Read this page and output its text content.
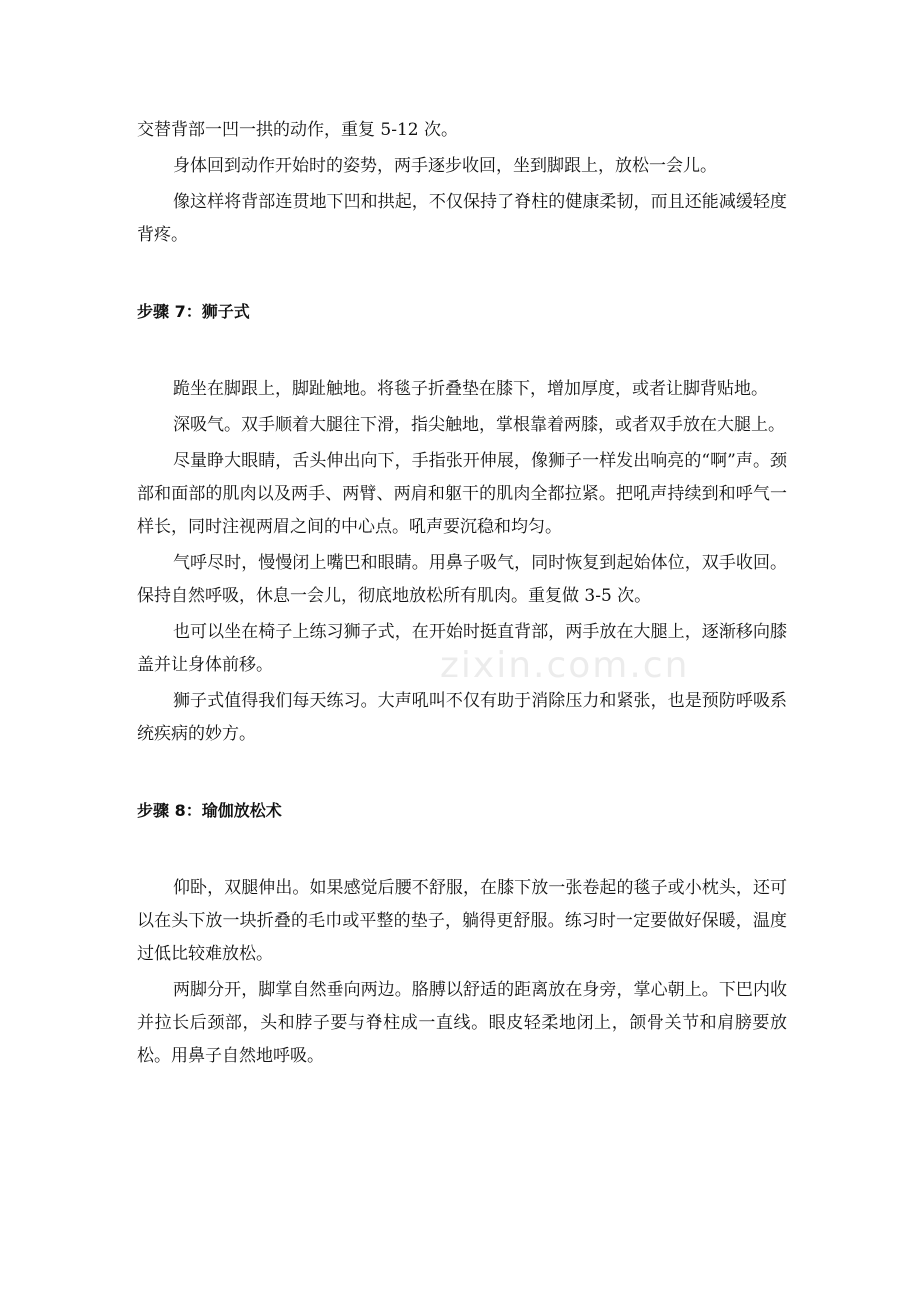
交替背部一凹一拱的动作，重复 5-12 次。

身体回到动作开始时的姿势，两手逐步收回，坐到脚跟上，放松一会儿。

像这样将背部连贯地下凹和拱起，不仅保持了脊柱的健康柔韧，而且还能减缓轻度背疼。

步骤 7：狮子式

跪坐在脚跟上，脚趾触地。将毯子折叠垫在膝下，增加厚度，或者让脚背贴地。

深吸气。双手顺着大腿往下滑，指尖触地，掌根靠着两膝，或者双手放在大腿上。

尽量睁大眼睛，舌头伸出向下，手指张开伸展，像狮子一样发出响亮的“啊”声。颈部和面部的肌肉以及两手、两臂、两肩和躯干的肌肉全都拉紧。把吼声持续到和呼气一样长，同时注视两眉之间的中心点。吼声要沉稳和均匀。

气呼尽时，慢慢闭上嘴巴和眼睛。用鼻子吸气，同时恢复到起始体位，双手收回。保持自然呼吸，休息一会儿，彻底地放松所有肌肉。重复做 3-5 次。

也可以坐在椅子上练习狮子式，在开始时挺直背部，两手放在大腿上，逐渐移向膝盖并让身体前移。

狮子式值得我们每天练习。大声吼叫不仅有助于消除压力和紧张，也是预防呼吸系统疾病的妙方。

步骤 8：瑜伽放松术

仰卧，双腿伸出。如果感觉后腰不舒服，在膝下放一张卷起的毯子或小枕头，还可以在头下放一块折叠的毛巾或平整的垫子，躺得更舒服。练习时一定要做好保暖，温度过低比较难放松。

两脚分开，脚掌自然垂向两边。胳膊以舒适的距离放在身旁，掌心朝上。下巴内收并拉长后颈部，头和脖子要与脊柱成一直线。眼皮轻柔地闭上，颌骨关节和肩膀要放松。用鼻子自然地呼吸。

zixin.com.cn
